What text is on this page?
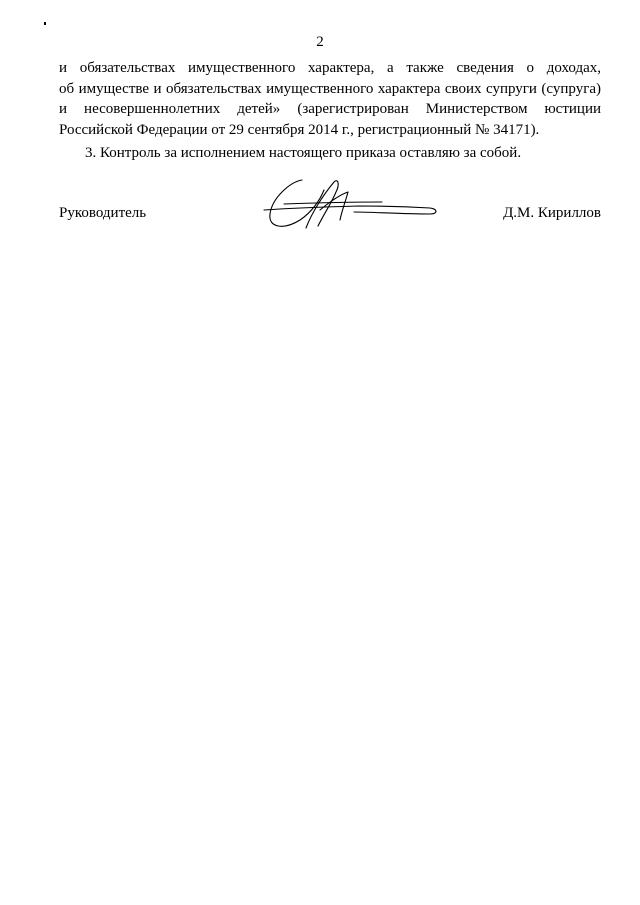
2

и обязательствах имущественного характера, а также сведения о доходах,
об имуществе и обязательствах имущественного характера своих супруги (супруга)
и несовершеннолетних детей» (зарегистрирован Министерством юстиции
Российской Федерации от 29 сентября 2014 г., регистрационный № 34171).

3. Контроль за исполнением настоящего приказа оставляю за собой.

Руководитель	Д.М. Кириллов
